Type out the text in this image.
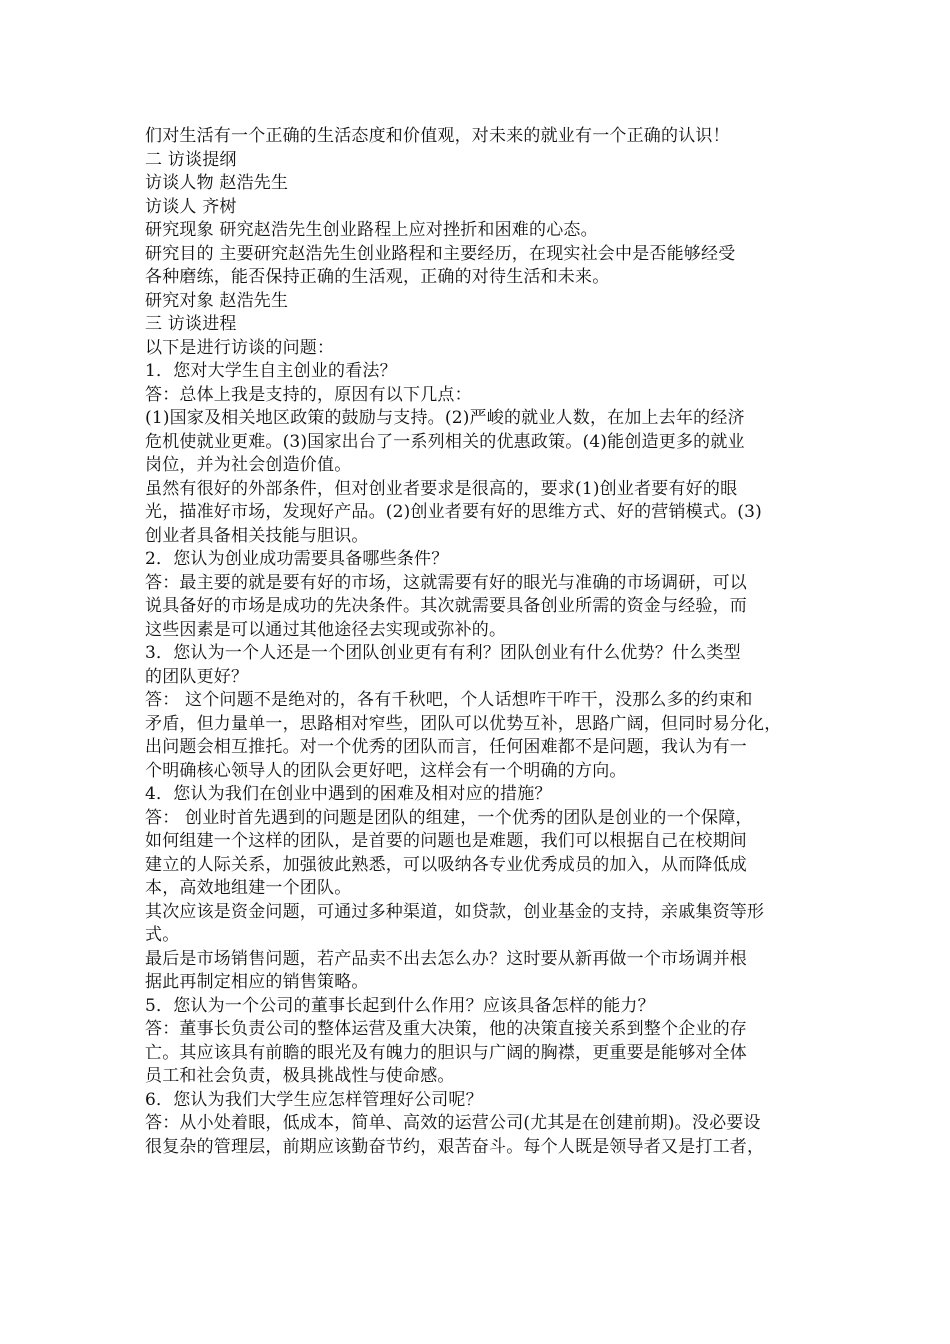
们对生活有一个正确的生活态度和价值观，对未来的就业有一个正确的认识！
二 访谈提纲
访谈人物 赵浩先生
访谈人 齐树
研究现象 研究赵浩先生创业路程上应对挫折和困难的心态。
研究目的 主要研究赵浩先生创业路程和主要经历，在现实社会中是否能够经受
各种磨练，能否保持正确的生活观，正确的对待生活和未来。
研究对象 赵浩先生
三 访谈进程
以下是进行访谈的问题：
1．您对大学生自主创业的看法？
答：总体上我是支持的，原因有以下几点：
(1)国家及相关地区政策的鼓励与支持。(2)严峻的就业人数，在加上去年的经济
危机使就业更难。(3)国家出台了一系列相关的优惠政策。(4)能创造更多的就业
岗位，并为社会创造价值。
虽然有很好的外部条件，但对创业者要求是很高的，要求(1)创业者要有好的眼
光，描准好市场，发现好产品。(2)创业者要有好的思维方式、好的营销模式。(3)
创业者具备相关技能与胆识。
2．您认为创业成功需要具备哪些条件？
答：最主要的就是要有好的市场，这就需要有好的眼光与准确的市场调研，可以
说具备好的市场是成功的先决条件。其次就需要具备创业所需的资金与经验，而
这些因素是可以通过其他途径去实现或弥补的。
3．您认为一个人还是一个团队创业更有有利？团队创业有什么优势？什么类型
的团队更好？
答： 这个问题不是绝对的，各有千秋吧，个人话想咋干咋干，没那么多的约束和
矛盾，但力量单一，思路相对窄些，团队可以优势互补，思路广阔，但同时易分化，
出问题会相互推托。对一个优秀的团队而言，任何困难都不是问题，我认为有一
个明确核心领导人的团队会更好吧，这样会有一个明确的方向。
4．您认为我们在创业中遇到的困难及相对应的措施？
答： 创业时首先遇到的问题是团队的组建，一个优秀的团队是创业的一个保障，
如何组建一个这样的团队，是首要的问题也是难题，我们可以根据自己在校期间
建立的人际关系，加强彼此熟悉，可以吸纳各专业优秀成员的加入，从而降低成
本，高效地组建一个团队。
其次应该是资金问题，可通过多种渠道，如贷款，创业基金的支持，亲戚集资等形
式。
最后是市场销售问题，若产品卖不出去怎么办？这时要从新再做一个市场调并根
据此再制定相应的销售策略。
5．您认为一个公司的董事长起到什么作用？应该具备怎样的能力？
答：董事长负责公司的整体运营及重大决策，他的决策直接关系到整个企业的存
亡。其应该具有前瞻的眼光及有魄力的胆识与广阔的胸襟，更重要是能够对全体
员工和社会负责，极具挑战性与使命感。
6．您认为我们大学生应怎样管理好公司呢？
答：从小处着眼，低成本，简单、高效的运营公司(尤其是在创建前期)。没必要设
很复杂的管理层，前期应该勤奋节约，艰苦奋斗。每个人既是领导者又是打工者，
